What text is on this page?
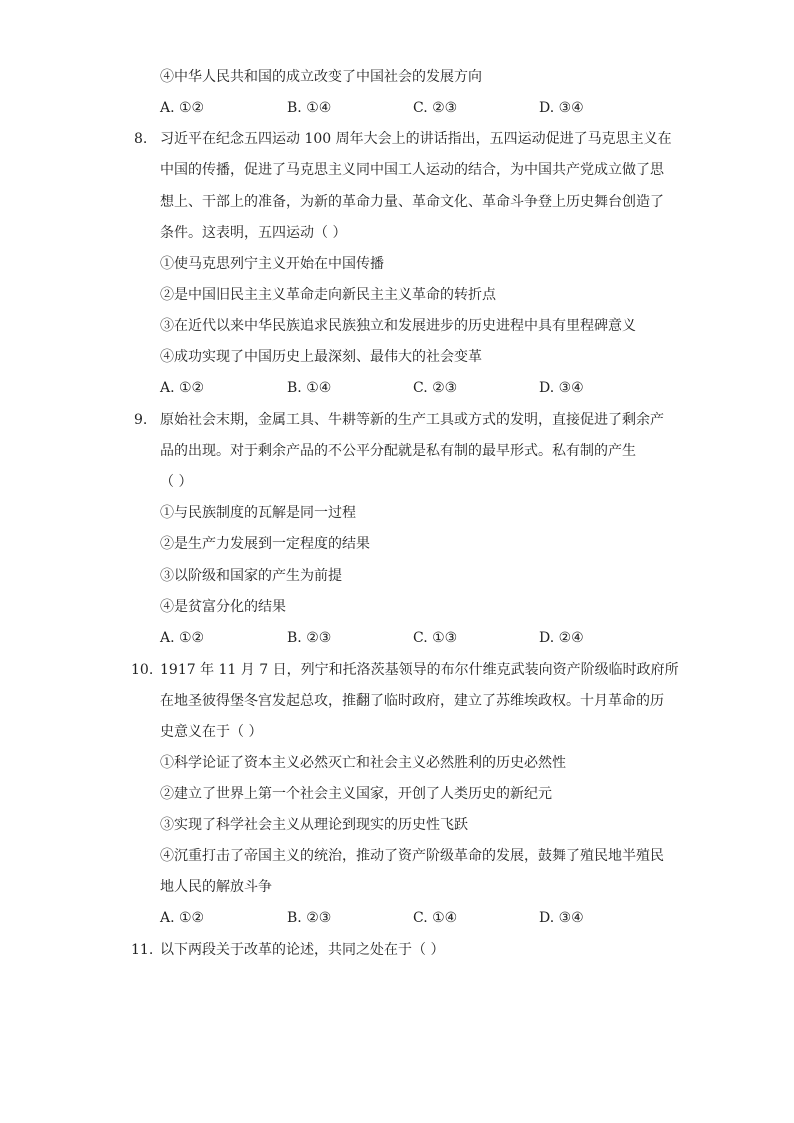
④中华人民共和国的成立改变了中国社会的发展方向
A. ①②	B. ①④	C. ②③	D. ③④
8. 习近平在纪念五四运动 100 周年大会上的讲话指出，五四运动促进了马克思主义在
中国的传播，促进了马克思主义同中国工人运动的结合，为中国共产党成立做了思
想上、干部上的准备，为新的革命力量、革命文化、革命斗争登上历史舞台创造了
条件。这表明，五四运动（ ）
①使马克思列宁主义开始在中国传播
②是中国旧民主主义革命走向新民主主义革命的转折点
③在近代以来中华民族追求民族独立和发展进步的历史进程中具有里程碑意义
④成功实现了中国历史上最深刻、最伟大的社会变革
A. ①②	B. ①④	C. ②③	D. ③④
9. 原始社会末期，金属工具、牛耕等新的生产工具或方式的发明，直接促进了剩余产
品的出现。对于剩余产品的不公平分配就是私有制的最早形式。私有制的产生
（ ）
①与民族制度的瓦解是同一过程
②是生产力发展到一定程度的结果
③以阶级和国家的产生为前提
④是贫富分化的结果
A. ①②	B. ②③	C. ①③	D. ②④
10. 1917 年 11 月 7 日，列宁和托洛茨基领导的布尔什维克武装向资产阶级临时政府所
在地圣彼得堡冬宫发起总攻，推翻了临时政府，建立了苏维埃政权。十月革命的历
史意义在于（ ）
①科学论证了资本主义必然灭亡和社会主义必然胜利的历史必然性
②建立了世界上第一个社会主义国家，开创了人类历史的新纪元
③实现了科学社会主义从理论到现实的历史性飞跃
④沉重打击了帝国主义的统治，推动了资产阶级革命的发展，鼓舞了殖民地半殖民
地人民的解放斗争
A. ①②	B. ②③	C. ①④	D. ③④
11. 以下两段关于改革的论述，共同之处在于（ ）
